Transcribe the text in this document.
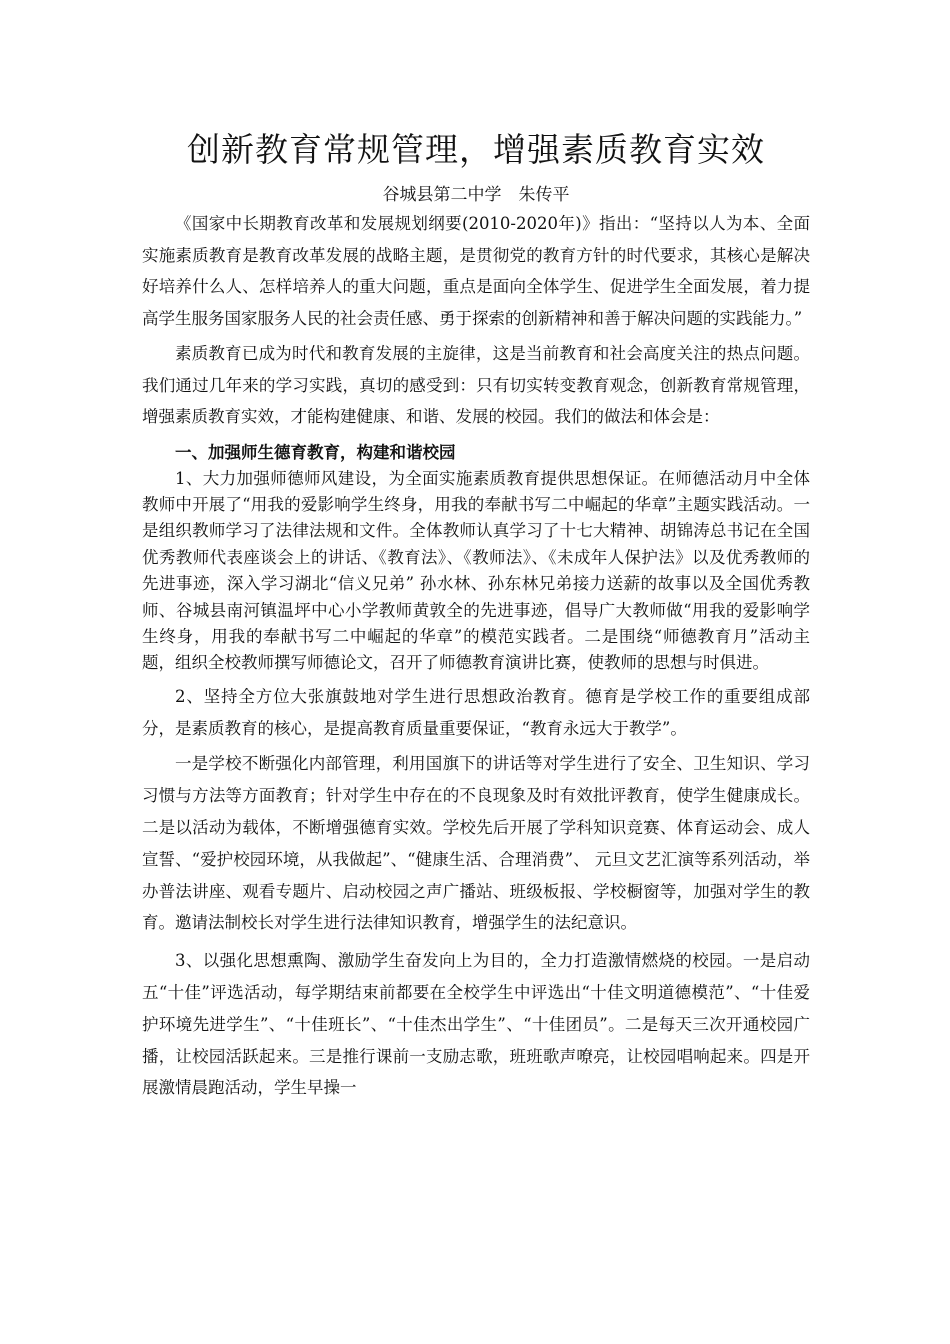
创新教育常规管理，增强素质教育实效

谷城县第二中学　朱传平

《国家中长期教育改革和发展规划纲要(2010-2020年)》指出：“坚持以人为本、全面实施素质教育是教育改革发展的战略主题，是贯彻党的教育方针的时代要求，其核心是解决好培养什么人、怎样培养人的重大问题，重点是面向全体学生、促进学生全面发展，着力提高学生服务国家服务人民的社会责任感、勇于探索的创新精神和善于解决问题的实践能力。”

素质教育已成为时代和教育发展的主旋律，这是当前教育和社会高度关注的热点问题。我们通过几年来的学习实践，真切的感受到：只有切实转变教育观念，创新教育常规管理，增强素质教育实效，才能构建健康、和谐、发展的校园。我们的做法和体会是：

一、加强师生德育教育，构建和谐校园

1、大力加强师德师风建设，为全面实施素质教育提供思想保证。在师德活动月中全体教师中开展了“用我的爱影响学生终身，用我的奉献书写二中崛起的华章”主题实践活动。一是组织教师学习了法律法规和文件。全体教师认真学习了十七大精神、胡锦涛总书记在全国优秀教师代表座谈会上的讲话、《教育法》、《教师法》、《未成年人保护法》以及优秀教师的先进事迹，深入学习湖北“信义兄弟” 孙水林、孙东林兄弟接力送薪的故事以及全国优秀教师、谷城县南河镇温坪中心小学教师黄敦全的先进事迹，倡导广大教师做“用我的爱影响学生终身，用我的奉献书写二中崛起的华章”的模范实践者。二是围绕“师德教育月”活动主题，组织全校教师撰写师德论文，召开了师德教育演讲比赛，使教师的思想与时俱进。

2、坚持全方位大张旗鼓地对学生进行思想政治教育。德育是学校工作的重要组成部分，是素质教育的核心，是提高教育质量重要保证，“教育永远大于教学”。

一是学校不断强化内部管理，利用国旗下的讲话等对学生进行了安全、卫生知识、学习习惯与方法等方面教育；针对学生中存在的不良现象及时有效批评教育，使学生健康成长。二是以活动为载体，不断增强德育实效。学校先后开展了学科知识竞赛、体育运动会、成人宣誓、“爱护校园环境，从我做起”、“健康生活、合理消费”、 元旦文艺汇演等系列活动，举办普法讲座、观看专题片、启动校园之声广播站、班级板报、学校橱窗等，加强对学生的教育。邀请法制校长对学生进行法律知识教育，增强学生的法纪意识。

3、以强化思想熏陶、激励学生奋发向上为目的，全力打造激情燃烧的校园。一是启动五“十佳”评选活动，每学期结束前都要在全校学生中评选出“十佳文明道德模范”、“十佳爱护环境先进学生”、“十佳班长”、“十佳杰出学生”、“十佳团员”。二是每天三次开通校园广播，让校园活跃起来。三是推行课前一支励志歌，班班歌声嘹亮，让校园唱响起来。四是开展激情晨跑活动，学生早操一
